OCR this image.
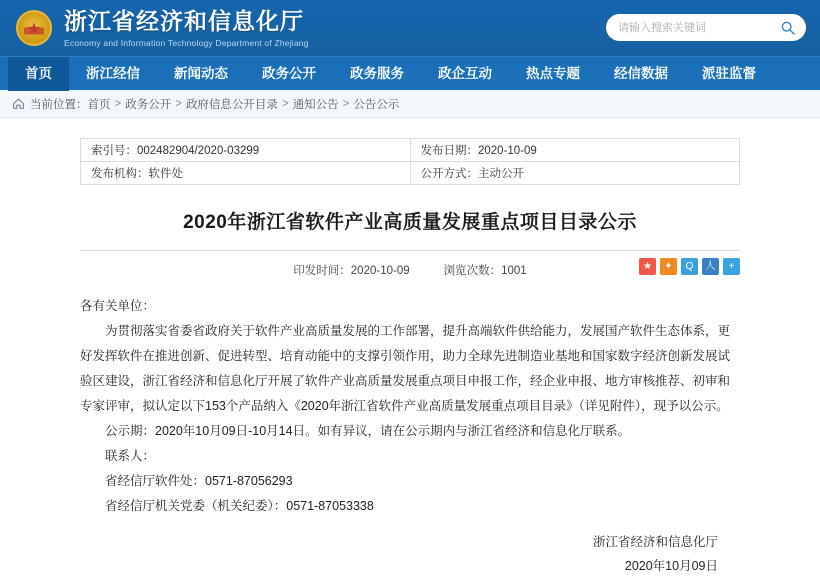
浙江省经济和信息化厅
Economy and Information Technology Department of Zhejiang
请输入搜索关键词
首页	浙江经信	新闻动态	政务公开	政务服务	政企互动	热点专题	经信数据	派驻监督
当前位置： 首页 > 政务公开 > 政府信息公开目录 > 通知公告 > 公告公示
索引号：002482904/2020-03299	发布日期：2020-10-09
发布机构：软件处	公开方式：主动公开
2020年浙江省软件产业高质量发展重点项目目录公示
印发时间：2020-10-09	浏览次数：1001	★	✦	Q	人	+

各有关单位：

为贯彻落实省委省政府关于软件产业高质量发展的工作部署，提升高端软件供给能力，发展国产软件生态体系，更好发挥软件在推进创新、促进转型、培育动能中的支撑引领作用，助力全球先进制造业基地和国家数字经济创新发展试验区建设，浙江省经济和信息化厅开展了软件产业高质量发展重点项目申报工作，经企业申报、地方审核推荐、初审和专家评审，拟认定以下153个产品纳入《2020年浙江省软件产业高质量发展重点项目目录》（详见附件），现予以公示。

公示期：2020年10月09日-10月14日。如有异议，请在公示期内与浙江省经济和信息化厅联系。

联系人：

省经信厅软件处：0571-87056293

省经信厅机关党委（机关纪委）：0571-87053338

浙江省经济和信息化厅
2020年10月09日
